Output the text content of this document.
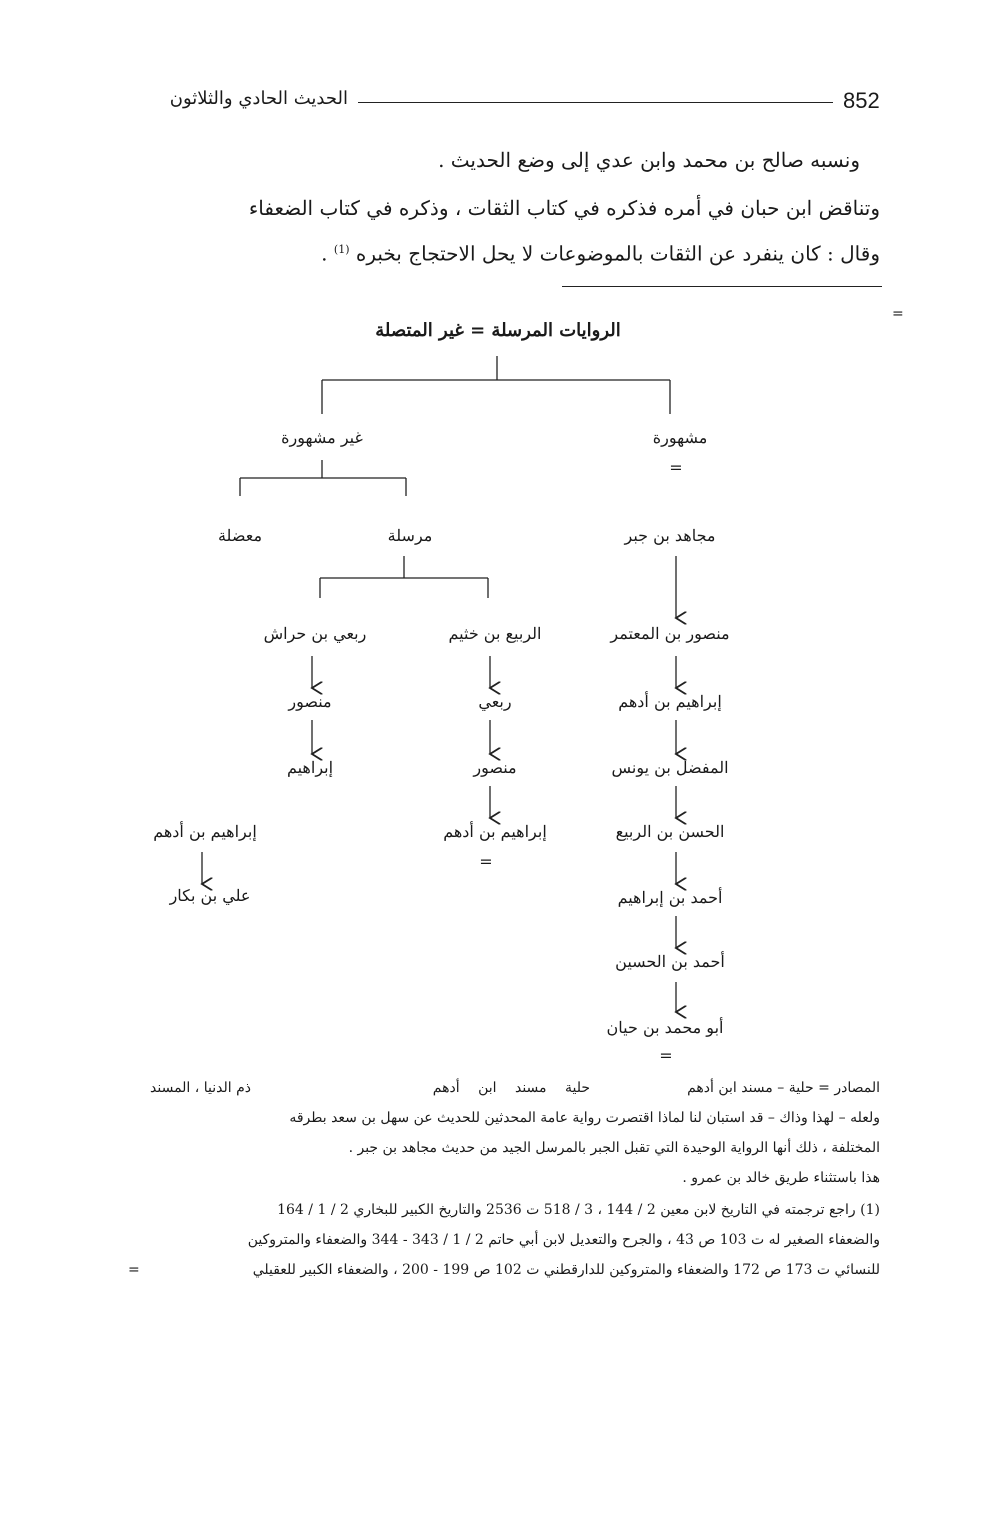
852
الحديث الحادي والثلاثون
ونسبه صالح بن محمد وابن عدي إلى وضع الحديث .
وتناقض ابن حبان في أمره فذكره في كتاب الثقات ، وذكره في كتاب الضعفاء
وقال : كان ينفرد عن الثقات بالموضوعات لا يحل الاحتجاج بخبره $^{(1)}$ .
=
الروايات المرسلة = غير المتصلة
مشهورة
=
غير مشهورة
مرسلة
معضلة	مجاهد بن جبر
منصور بن المعتمر
إبراهيم بن أدهم
المفضل بن يونس
الحسن بن الربيع
أحمد بن إبراهيم
أحمد بن الحسين
أبو محمد بن حيان
=
الربيع بن خثيم
ربعي
منصور
إبراهيم بن أدهم
=
ربعي بن حراش
منصور
إبراهيم
إبراهيم بن أدهم
علي بن بكار
المصادر = حلية – مسند ابن أدهم
حلية مسند ابن أدهم
ذم الدنيا ، المسند
ولعله – لهذا وذاك – قد استبان لنا لماذا اقتصرت رواية عامة المحدثين للحديث عن سهل بن سعد بطرقه
المختلفة ، ذلك أنها الرواية الوحيدة التي تقبل الجبر بالمرسل الجيد من حديث مجاهد بن جبر .
هذا باستثناء طريق خالد بن عمرو .
(1) راجع ترجمته في التاريخ لابن معين 2 / 144 ، 3 / 518 ت 2536 والتاريخ الكبير للبخاري 2 / 1 / 164
والضعفاء الصغير له ت 103 ص 43 ، والجرح والتعديل لابن أبي حاتم 2 / 1 / 343 - 344 والضعفاء والمتروكين
للنسائي ت 173 ص 172 والضعفاء والمتروكين للدارقطني ت 102 ص 199 - 200 ، والضعفاء الكبير للعقيلي
=
